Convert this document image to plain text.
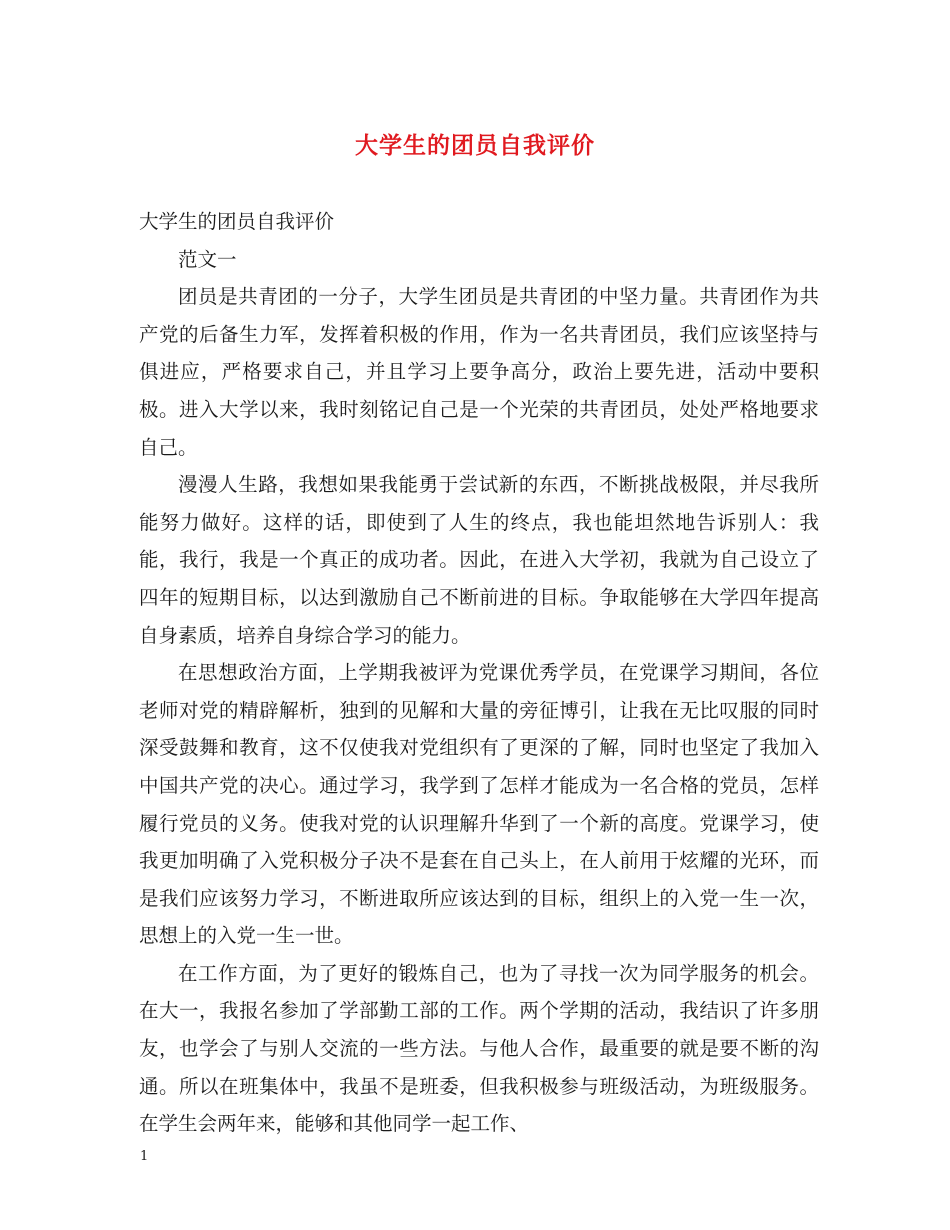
大学生的团员自我评价

大学生的团员自我评价

范文一

团员是共青团的一分子，大学生团员是共青团的中坚力量。共青团作为共产党的后备生力军，发挥着积极的作用，作为一名共青团员，我们应该坚持与俱进应，严格要求自己，并且学习上要争高分，政治上要先进，活动中要积极。进入大学以来，我时刻铭记自己是一个光荣的共青团员，处处严格地要求自己。

漫漫人生路，我想如果我能勇于尝试新的东西，不断挑战极限，并尽我所能努力做好。这样的话，即使到了人生的终点，我也能坦然地告诉别人：我能，我行，我是一个真正的成功者。因此，在进入大学初，我就为自己设立了四年的短期目标，以达到激励自己不断前进的目标。争取能够在大学四年提高自身素质，培养自身综合学习的能力。

在思想政治方面，上学期我被评为党课优秀学员，在党课学习期间，各位老师对党的精辟解析，独到的见解和大量的旁征博引，让我在无比叹服的同时深受鼓舞和教育，这不仅使我对党组织有了更深的了解，同时也坚定了我加入中国共产党的决心。通过学习，我学到了怎样才能成为一名合格的党员，怎样履行党员的义务。使我对党的认识理解升华到了一个新的高度。党课学习，使我更加明确了入党积极分子决不是套在自己头上，在人前用于炫耀的光环，而是我们应该努力学习，不断进取所应该达到的目标，组织上的入党一生一次，思想上的入党一生一世。

在工作方面，为了更好的锻炼自己，也为了寻找一次为同学服务的机会。在大一，我报名参加了学部勤工部的工作。两个学期的活动，我结识了许多朋友，也学会了与别人交流的一些方法。与他人合作，最重要的就是要不断的沟通。所以在班集体中，我虽不是班委，但我积极参与班级活动，为班级服务。在学生会两年来，能够和其他同学一起工作、

1
